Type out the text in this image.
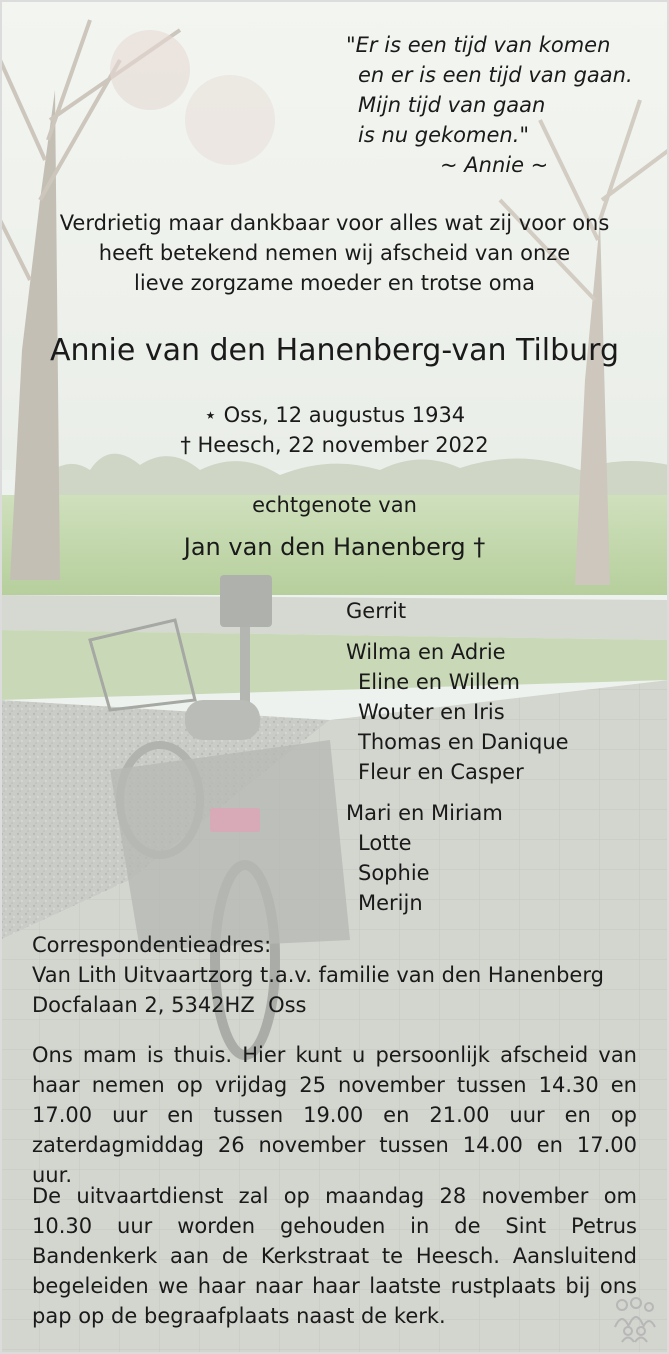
"Er is een tijd van komen
en er is een tijd van gaan.
Mijn tijd van gaan
is nu gekomen."
~ Annie ~
Verdrietig maar dankbaar voor alles wat zij voor ons
heeft betekend nemen wij afscheid van onze
lieve zorgzame moeder en trotse oma
Annie van den Hanenberg-van Tilburg
⋆ Oss, 12 augustus 1934
† Heesch, 22 november 2022
echtgenote van
Jan van den Hanenberg †
Gerrit
Wilma en Adrie
Eline en Willem
Wouter en Iris
Thomas en Danique
Fleur en Casper
Mari en Miriam
Lotte
Sophie
Merijn
Correspondentieadres:
Van Lith Uitvaartzorg t.a.v. familie van den Hanenberg
Docfalaan 2, 5342HZ  Oss
Ons mam is thuis. Hier kunt u persoonlijk afscheid van haar nemen op vrijdag 25 november tussen 14.30 en 17.00 uur en tussen 19.00 en 21.00 uur en op zaterdagmiddag 26 november tussen 14.00 en 17.00 uur.
De uitvaartdienst zal op maandag 28 november om 10.30 uur worden gehouden in de Sint Petrus Bandenkerk aan de Kerkstraat te Heesch. Aansluitend begeleiden we haar naar haar laatste rustplaats bij ons pap op de begraafplaats naast de kerk.
